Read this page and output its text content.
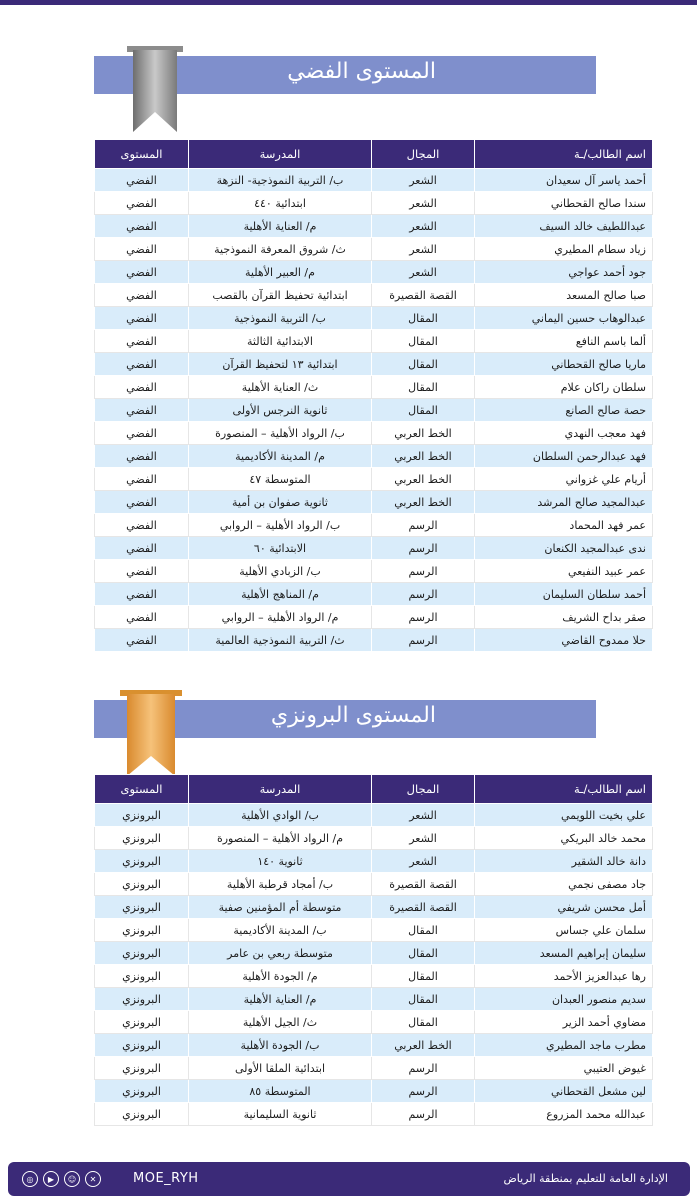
المستوى الفضي
اسم الطالب/ـة	المجال	المدرسة	المستوى
أحمد ياسر آل سعيدان	الشعر	ب/ التربية النموذجية- النزهة	الفضي
سندا صالح القحطاني	الشعر	ابتدائية ٤٤٠	الفضي
عبداللطيف خالد السيف	الشعر	م/ العناية الأهلية	الفضي
زياد سطام المطيري	الشعر	ث/ شروق المعرفة النموذجية	الفضي
جود أحمد عواجي	الشعر	م/ العبير الأهلية	الفضي
صبا صالح المسعد	القصة القصيرة	ابتدائية تحفيظ القرآن بالقصب	الفضي
عبدالوهاب حسين اليماني	المقال	ب/ التربية النموذجية	الفضي
ألما باسم النافع	المقال	الابتدائية الثالثة	الفضي
ماريا صالح القحطاني	المقال	ابتدائية ١٣ لتحفيظ القرآن	الفضي
سلطان راكان علام	المقال	ث/ العناية الأهلية	الفضي
حصة صالح الصانع	المقال	ثانوية النرجس الأولى	الفضي
فهد معجب النهدي	الخط العربي	ب/ الرواد الأهلية – المنصورة	الفضي
فهد عبدالرحمن السلطان	الخط العربي	م/ المدينة الأكاديمية	الفضي
أريام علي غزواني	الخط العربي	المتوسطة ٤٧	الفضي
عبدالمجيد صالح المرشد	الخط العربي	ثانوية صفوان بن أمية	الفضي
عمر فهد المحماد	الرسم	ب/ الرواد الأهلية – الروابي	الفضي
ندى عبدالمجيد الكنعان	الرسم	الابتدائية ٦٠	الفضي
عمر عبيد النفيعي	الرسم	ب/ الزبادي الأهلية	الفضي
أحمد سلطان السليمان	الرسم	م/ المناهج الأهلية	الفضي
صقر بداح الشريف	الرسم	م/ الرواد الأهلية – الروابي	الفضي
حلا ممدوح القاضي	الرسم	ث/ التربية النموذجية العالمية	الفضي
المستوى البرونزي
اسم الطالب/ـة	المجال	المدرسة	المستوى
علي بخيت اللويمي	الشعر	ب/ الوادي الأهلية	البرونزي
محمد خالد البريكي	الشعر	م/ الرواد الأهلية – المنصورة	البرونزي
دانة خالد الشقير	الشعر	ثانوية ١٤٠	البرونزي
جاد مصفى نجمي	القصة القصيرة	ب/ أمجاد قرطبة الأهلية	البرونزي
أمل محسن شريفي	القصة القصيرة	متوسطة أم المؤمنين صفية	البرونزي
سلمان علي جساس	المقال	ب/ المدينة الأكاديمية	البرونزي
سليمان إبراهيم المسعد	المقال	متوسطة ربعي بن عامر	البرونزي
رها عبدالعزيز الأحمد	المقال	م/ الجودة الأهلية	البرونزي
سديم منصور العبدان	المقال	م/ العناية الأهلية	البرونزي
مضاوي أحمد الزير	المقال	ث/ الجيل الأهلية	البرونزي
مطرب ماجد المطيري	الخط العربي	ب/ الجودة الأهلية	البرونزي
غيوض العتيبي	الرسم	ابتدائية الملقا الأولى	البرونزي
لين مشعل القحطاني	الرسم	المتوسطة ٨٥	البرونزي
عبدالله محمد المزروع	الرسم	ثانوية السليمانية	البرونزي
◎	▶	☺	✕	MOE_RYH	الإدارة العامة للتعليم بمنطقة الرياض
